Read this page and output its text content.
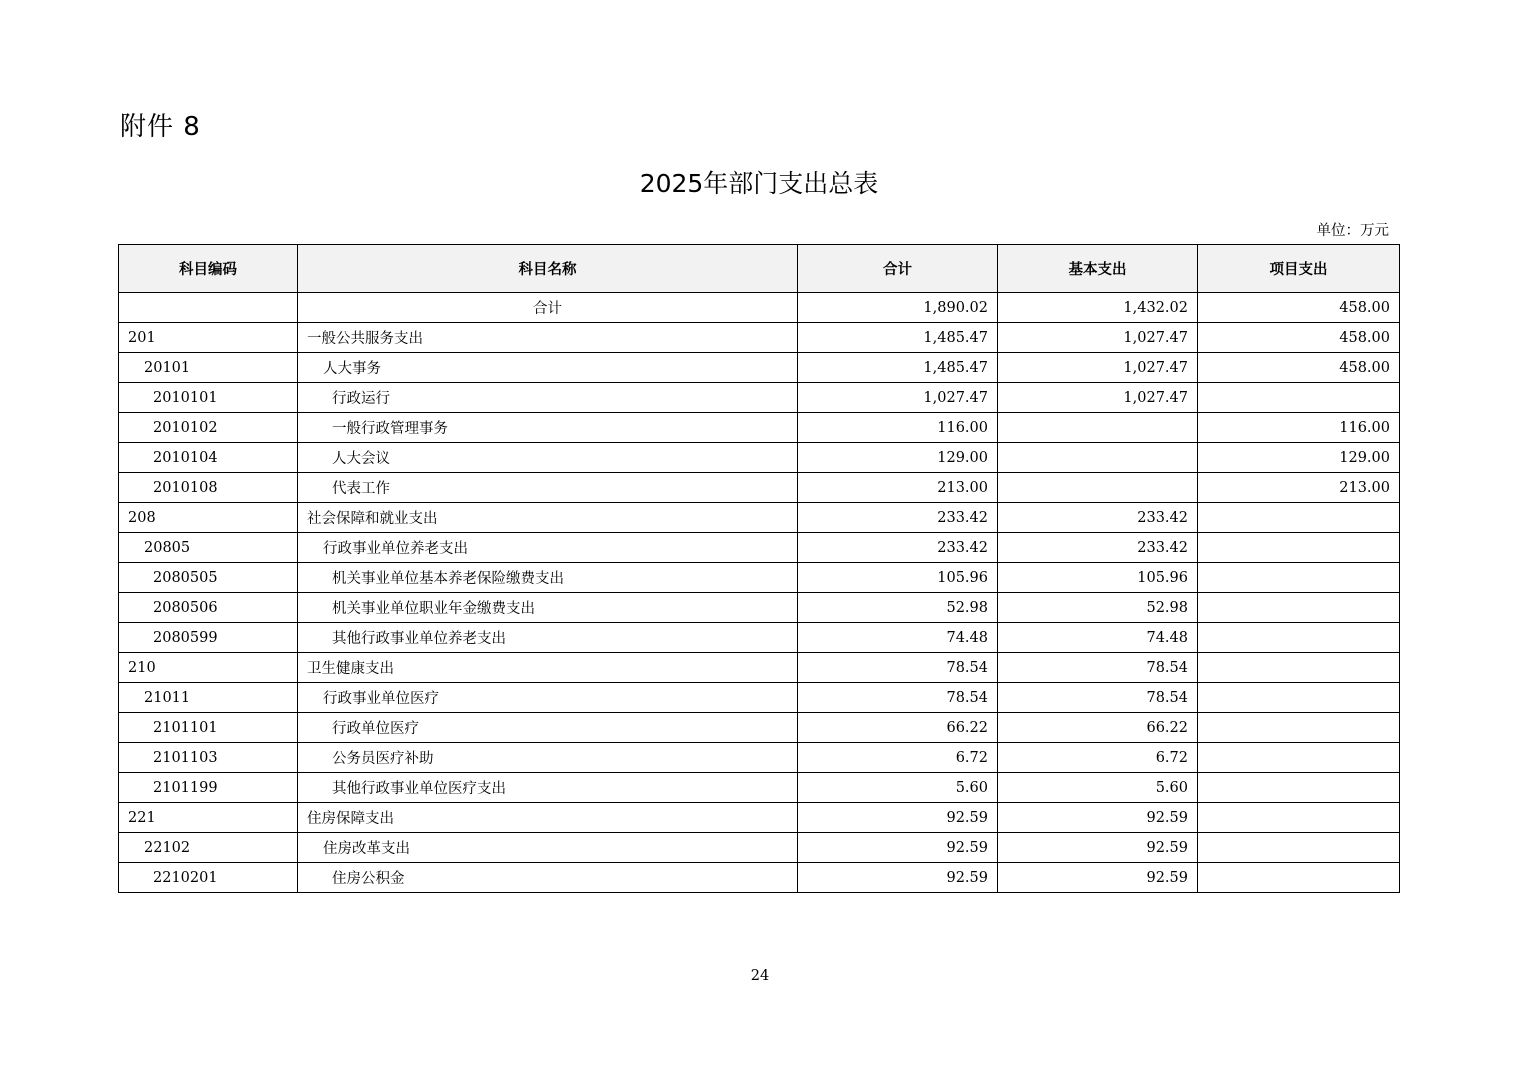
附件 8
2025年部门支出总表
单位：万元
科目编码	科目名称	合计	基本支出	项目支出
	合计	1,890.02	1,432.02	458.00
201	一般公共服务支出	1,485.47	1,027.47	458.00
20101	人大事务	1,485.47	1,027.47	458.00
2010101	行政运行	1,027.47	1,027.47	
2010102	一般行政管理事务	116.00		116.00
2010104	人大会议	129.00		129.00
2010108	代表工作	213.00		213.00
208	社会保障和就业支出	233.42	233.42	
20805	行政事业单位养老支出	233.42	233.42	
2080505	机关事业单位基本养老保险缴费支出	105.96	105.96	
2080506	机关事业单位职业年金缴费支出	52.98	52.98	
2080599	其他行政事业单位养老支出	74.48	74.48	
210	卫生健康支出	78.54	78.54	
21011	行政事业单位医疗	78.54	78.54	
2101101	行政单位医疗	66.22	66.22	
2101103	公务员医疗补助	6.72	6.72	
2101199	其他行政事业单位医疗支出	5.60	5.60	
221	住房保障支出	92.59	92.59	
22102	住房改革支出	92.59	92.59	
2210201	住房公积金	92.59	92.59	
24
